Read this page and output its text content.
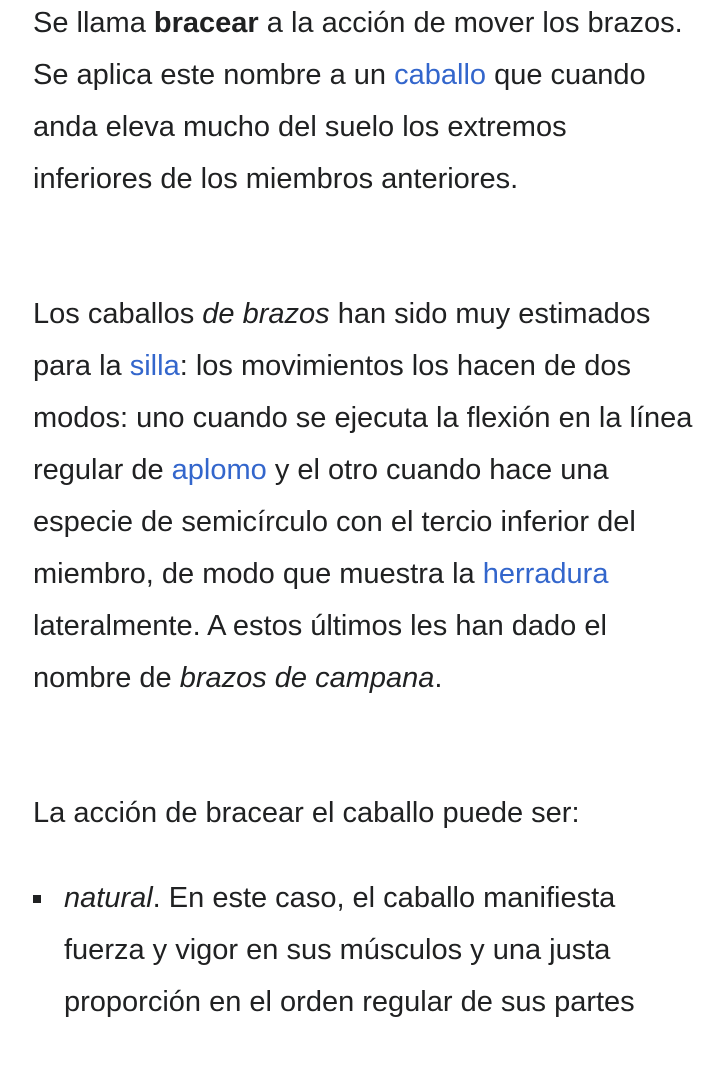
Se llama bracear a la acción de mover los brazos. Se aplica este nombre a un caballo que cuando anda eleva mucho del suelo los extremos inferiores de los miembros anteriores.

Los caballos de brazos han sido muy estimados para la silla: los movimientos los hacen de dos modos: uno cuando se ejecuta la flexión en la línea regular de aplomo y el otro cuando hace una especie de semicírculo con el tercio inferior del miembro, de modo que muestra la herradura lateralmente. A estos últimos les han dado el nombre de brazos de campana.

La acción de bracear el caballo puede ser:

natural. En este caso, el caballo manifiesta fuerza y vigor en sus músculos y una justa proporción en el orden regular de sus partes
